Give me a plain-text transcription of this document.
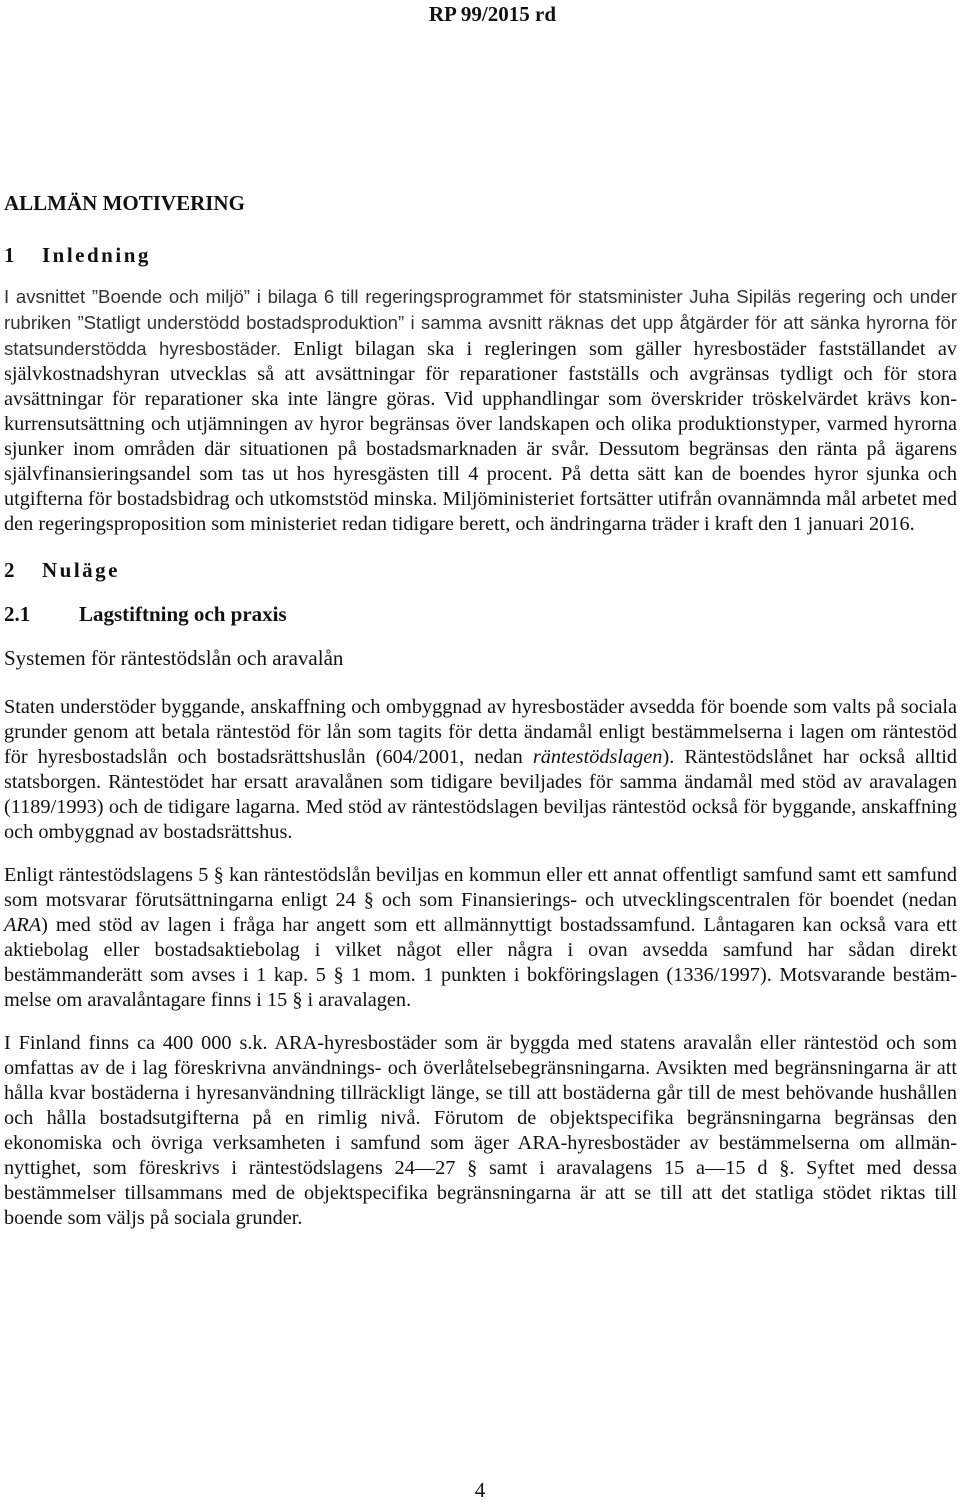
RP 99/2015 rd
ALLMÄN MOTIVERING
1 Inledning

I avsnittet ”Boende och miljö” i bilaga 6 till regeringsprogrammet för statsminister Juha Sipiläs regering och under rubriken ”Statligt understödd bostadsproduktion” i samma avsnitt räknas det upp åtgärder för att sänka hyrorna för statsunderstödda hyresbostäder. Enligt bilagan ska i regleringen som gäller hyresbostäder fastställandet av självkostnadshyran utvecklas så att avsättningar för reparationer fastställs och avgränsas tydligt och för stora avsättningar för reparationer ska inte längre göras. Vid upphandlingar som överskrider tröskelvärdet krävs konkurrensutsättning och utjämningen av hyror begränsas över landskapen och olika produktionstyper, varmed hyrorna sjunker inom områden där situationen på bostadsmarknaden är svår. Dessutom begränsas den ränta på ägarens självfinansieringsandel som tas ut hos hyresgästen till 4 procent. På detta sätt kan de boendes hyror sjunka och utgifterna för bostadsbidrag och utkomststöd minska. Miljöministeriet fortsätter utifrån ovannämnda mål arbetet med den regeringsproposition som ministeriet redan tidigare berett, och ändringarna träder i kraft den 1 januari 2016.

2 Nuläge
2.1 Lagstiftning och praxis
Systemen för räntestödslån och aravalån

Staten understöder byggande, anskaffning och ombyggnad av hyresbostäder avsedda för boende som valts på sociala grunder genom att betala räntestöd för lån som tagits för detta ändamål enligt bestämmelserna i lagen om räntestöd för hyresbostadslån och bostadsrättshuslån (604/2001, nedan räntestödslagen). Räntestödslånet har också alltid statsborgen. Räntestödet har ersatt aravalånen som tidigare beviljades för samma ändamål med stöd av aravalagen (1189/1993) och de tidigare lagarna. Med stöd av räntestödslagen beviljas räntestöd också för byggande, anskaffning och ombyggnad av bostadsrättshus.

Enligt räntestödslagens 5 § kan räntestödslån beviljas en kommun eller ett annat offentligt samfund samt ett samfund som motsvarar förutsättningarna enligt 24 § och som Finansierings- och utvecklingscentralen för boendet (nedan ARA) med stöd av lagen i fråga har angett som ett allmännyttigt bostadssamfund. Låntagaren kan också vara ett aktiebolag eller bostadsaktiebolag i vilket något eller några i ovan avsedda samfund har sådan direkt bestämmanderätt som avses i 1 kap. 5 § 1 mom. 1 punkten i bokföringslagen (1336/1997). Motsvarande bestämmelse om aravalåntagare finns i 15 § i aravalagen.

I Finland finns ca 400 000 s.k. ARA-hyresbostäder som är byggda med statens aravalån eller räntestöd och som omfattas av de i lag föreskrivna användnings- och överlåtelsebegränsningarna. Avsikten med begränsningarna är att hålla kvar bostäderna i hyresanvändning tillräckligt länge, se till att bostäderna går till de mest behövande hushållen och hålla bostadsutgifterna på en rimlig nivå. Förutom de objektspecifika begränsningarna begränsas den ekonomiska och övriga verksamheten i samfund som äger ARA-hyresbostäder av bestämmelserna om allmännyttighet, som föreskrivs i räntestödslagens 24—27 § samt i aravalagens 15 a—15 d §. Syftet med dessa bestämmelser tillsammans med de objektspecifika begränsningarna är att se till att det statliga stödet riktas till boende som väljs på sociala grunder.

4
